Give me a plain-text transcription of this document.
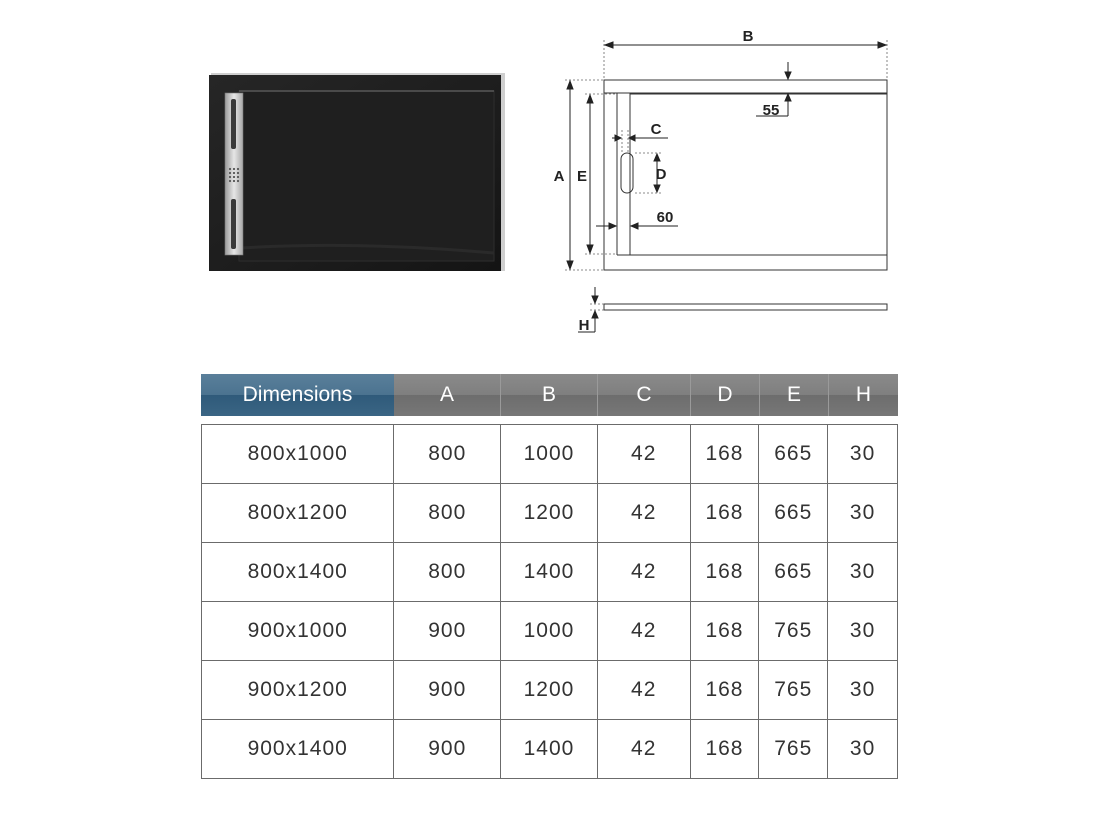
B
A E
55
C
D
60
H
Dimensions	A	B	C	D	E	H
800x1000	800	1000	42	168	665	30
800x1200	800	1200	42	168	665	30
800x1400	800	1400	42	168	665	30
900x1000	900	1000	42	168	765	30
900x1200	900	1200	42	168	765	30
900x1400	900	1400	42	168	765	30
